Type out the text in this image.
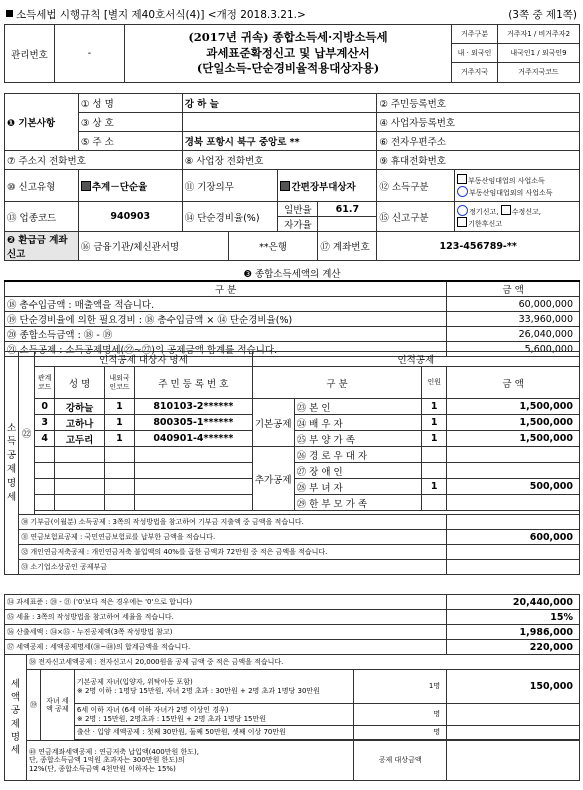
소득세법 시행규칙 [별지 제40호서식(4)] <개정 2018.3.21.>	(3쪽 중 제1쪽)
관리번호	-	(2017년 귀속) 종합소득세·지방소득세
과세표준확정신고 및 납부계산서
(단일소득-단순경비율적용대상자용)	거주구분	거주자1 / 비거주자2
			내 · 외국인	내국인1 / 외국인9
			거주지국	거주지국코드
❶ 기본사항	① 성 명	강 하 늘				② 주민등록번호	
	③ 상 호					④ 사업자등록번호	
	⑤ 주 소	경북 포항시 북구 중앙로 **				⑥ 전자우편주소	
⑦ 주소지 전화번호		⑧ 사업장 전화번호				⑨ 휴대전화번호	
⑩ 신고유형	추계－단순율	⑪ 기장의무		간편장부대상자		⑫ 소득구분	부동산임대업의 사업소득
부동산임대업외의 사업소득

⑬ 업종코드	940903	⑭ 단순경비율(%)		일반율	61.7	⑮ 신고구분	정기신고, 수정신고,
기한후신고

				자가율			
❷ 환급금 계좌신고	⑯ 금융기관/체신관서명		**은행		⑰ 계좌번호	123-456789-**	
❸ 종합소득세액의 계산	
구 분	금 액
⑱ 총수입금액 : 매출액을 적습니다.	60,000,000
⑲ 단순경비율에 의한 필요경비 : ⑱ 총수입금액 × ⑭ 단순경비율(%)	33,960,000
⑳ 종합소득금액 : ⑱ - ⑲	26,040,000
㉑ 소득공제 : 소득공제명세(㉒~㉗)의 공제금액 합계를 적습니다.	5,600,000
소득공제명세	㉒	인적공제 대상자 명세				인적공제			
		관계코드	성 명	내외국인코드	주 민 등 록 번 호	구 분		인원	금 액
		0	강하늘	1	810103-2******	기본공제	㉓ 본 인	1	1,500,000
		3	고하나	1	800305-1******		㉔ 배 우 자	1	1,500,000
		4	고두리	1	040901-4******		㉕ 부 양 가 족	1	1,500,000
						추가공제	㉖ 경 로 우 대 자		
							㉗ 장 애 인		
							㉘ 부 녀 자	1	500,000
							㉙ 한 부 모 가 족		

	㉚ 기부금(이월분) 소득공제 : 3쪽의 작성방법을 참고하여 기부금 지출액 중 금액을 적습니다.								
	㉛ 연금보험료공제 : 국민연금보험료를 납부한 금액을 적습니다.								600,000
	㉜ 개인연금저축공제 : 개인연금저축 불입액의 40%를 곱한 금액과 72만원 중 적은 금액을 적습니다.								
	㉝ 소기업소상공인 공제부금								
㉞ 과세표준 : ⑳ - ㉑ ('0'보다 적은 경우에는 '0'으로 합니다)	20,440,000
㉟ 세율 : 3쪽의 작성방법을 참고하여 세율을 적습니다.	15%
㊱ 산출세액 : ㉞×㉟ - 누진공제액(3쪽 작성방법 참고)	1,986,000
㊲ 세액공제 : 세액공제명세(㊳~㊵)의 합계금액을 적습니다.	220,000
세액공제명세	㊳ 전자신고세액공제 : 전자신고시 20,000원을 공제 금액 중 적은 금액을 적습니다.				
	㊴	자녀 세액 공제	기본공제 자녀(입양자, 위탁아동 포함)
※ 2명 이하 : 1명당 15만원, 자녀 2명 초과 : 30만원 + 2명 초과 1명당 30만원	1명	150,000

			6세 이하 자녀 (6세 이하 자녀가 2명 이상인 경우)
※ 2명 : 15만원, 2명초과 : 15만원 + 2명 초과 1명당 15만원	명	
			출산 · 입양 세액공제 : 첫째 30만원, 둘째 50만원, 셋째 이상 70만원	명	

	㊵ 연금계좌세액공제 : 연금저축 납입액(400만원 한도),
단, 종합소득금액 1억원 초과자는 300만원 한도)의
12%(단, 종합소득금액 4천만원 이하자는 15%)			공제 대상금액	
